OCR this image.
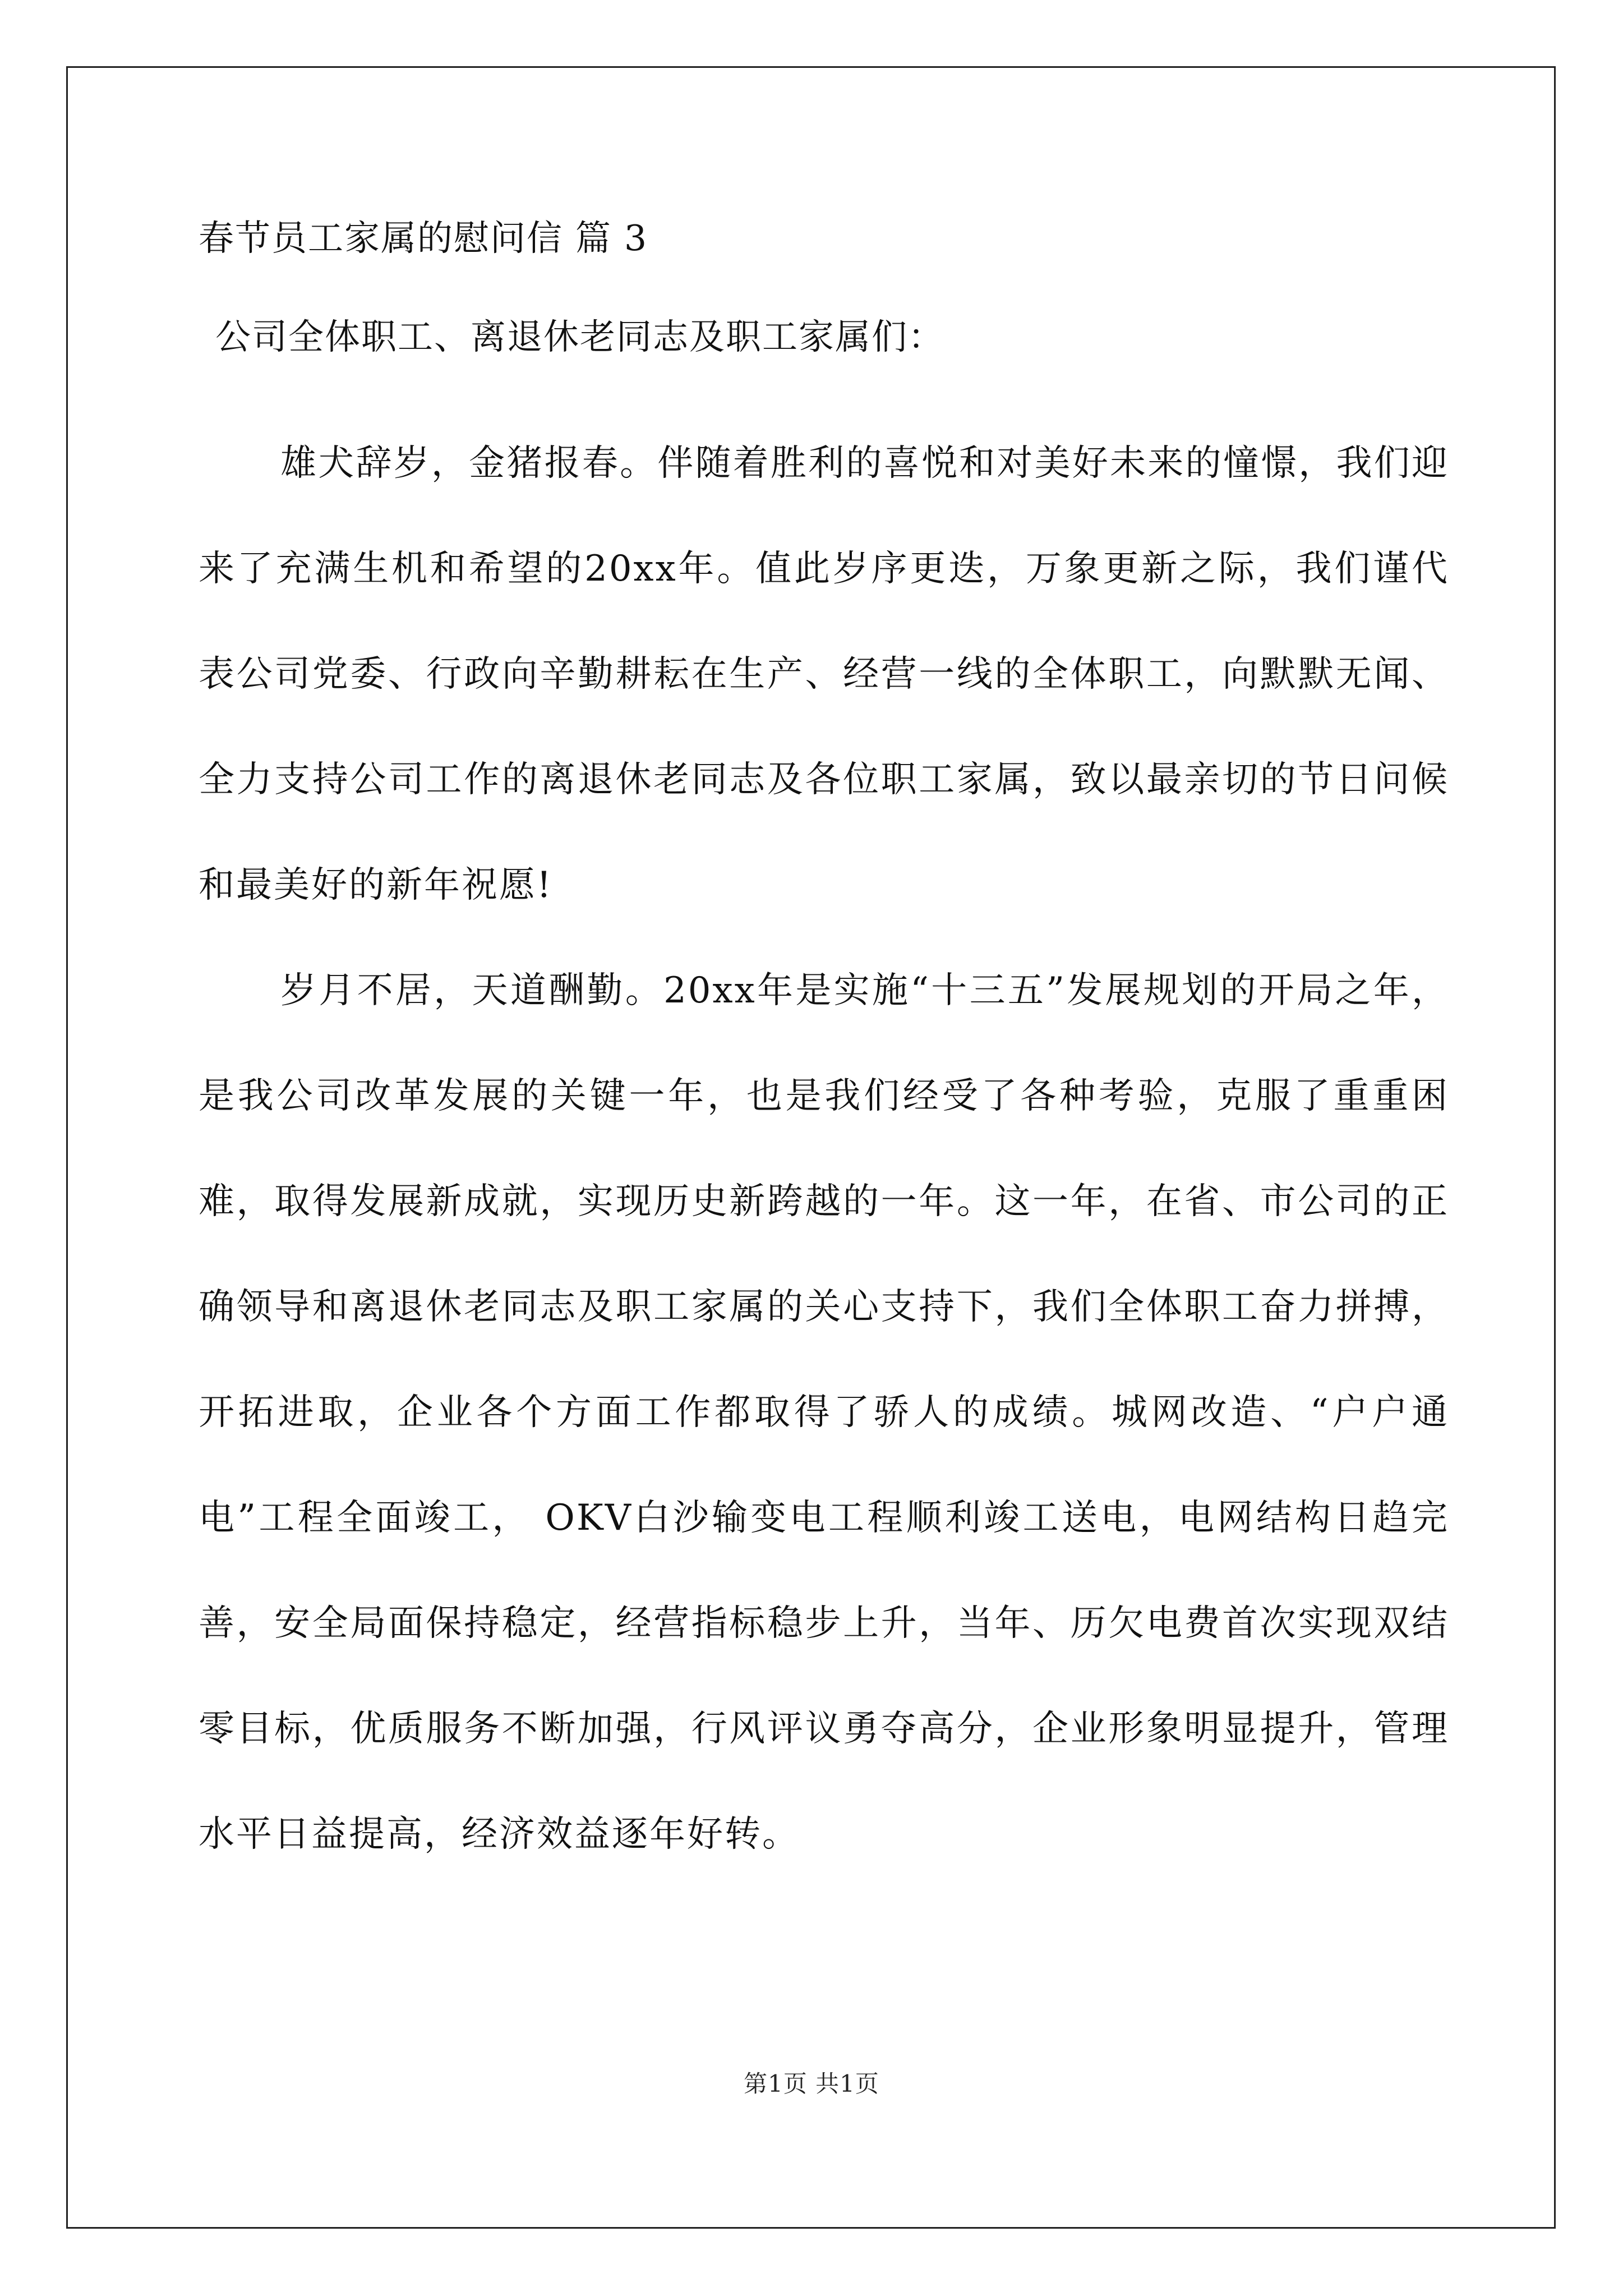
春节员工家属的慰问信 篇 3
公司全体职工、离退休老同志及职工家属们：

雄犬辞岁，金猪报春。伴随着胜利的喜悦和对美好未来的憧憬，我们迎来了充满生机和希望的20xx年。值此岁序更迭，万象更新之际，我们谨代表公司党委、行政向辛勤耕耘在生产、经营一线的全体职工，向默默无闻、全力支持公司工作的离退休老同志及各位职工家属，致以最亲切的节日问候和最美好的新年祝愿!

岁月不居，天道酬勤。20xx年是实施“十三五”发展规划的开局之年，是我公司改革发展的关键一年，也是我们经受了各种考验，克服了重重困难，取得发展新成就，实现历史新跨越的一年。这一年，在省、市公司的正确领导和离退休老同志及职工家属的关心支持下，我们全体职工奋力拼搏，开拓进取，企业各个方面工作都取得了骄人的成绩。城网改造、“户户通电”工程全面竣工， OKV白沙输变电工程顺利竣工送电，电网结构日趋完善，安全局面保持稳定，经营指标稳步上升，当年、历欠电费首次实现双结零目标，优质服务不断加强，行风评议勇夺高分，企业形象明显提升，管理水平日益提高，经济效益逐年好转。

第1页 共1页
